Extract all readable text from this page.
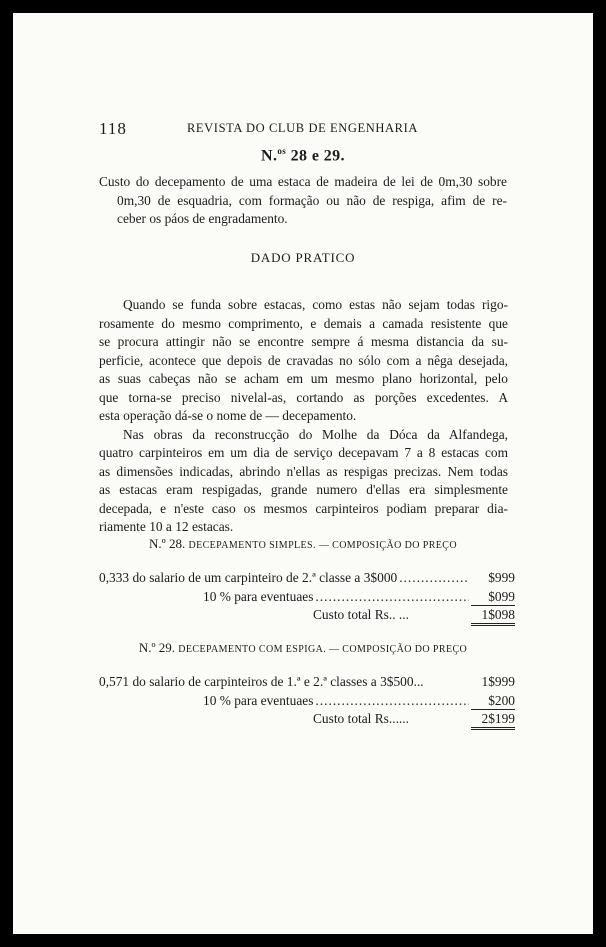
118	REVISTA DO CLUB DE ENGENHARIA
N.$^{os}$ 28 e 29.
Custo do decepamento de uma estaca de madeira de lei de 0m,30 sobre
0m,30 de esquadria, com formação ou não de respiga, afim de re-
ceber os páos de engradamento.
DADO PRATICO
Quando se funda sobre estacas, como estas não sejam todas rigo-
rosamente do mesmo comprimento, e demais a camada resistente que
se procura attingir não se encontre sempre á mesma distancia da su-
perficie, acontece que depois de cravadas no sólo com a nêga desejada,
as suas cabeças não se acham em um mesmo plano horizontal, pelo
que torna-se preciso nivelal-as, cortando as porções excedentes. A
esta operação dá-se o nome de — decepamento.
Nas obras da reconstrucção do Molhe da Dóca da Alfandega,
quatro carpinteiros em um dia de serviço decepavam 7 a 8 estacas com
as dimensões indicadas, abrindo n'ellas as respigas precizas. Nem todas
as estacas eram respigadas, grande numero d'ellas era simplesmente
decepada, e n'este caso os mesmos carpinteiros podiam preparar dia-
riamente 10 a 12 estacas.
N.º 28. DECEPAMENTO SIMPLES. — COMPOSIÇÃO DO PREÇO
0,333 do salario de um carpinteiro de 2.ª classe a 3$000 .....	$999
10 % para eventuaes .....	$099
Custo total Rs.. ...	1$098
N.º 29. DECEPAMENTO COM ESPIGA. — COMPOSIÇÃO DO PREÇO
0,571 do salario de carpinteiros de 1.ª e 2.ª classes a 3$500...	1$999
10 % para eventuaes .....	$200
Custo total Rs......	2$199
